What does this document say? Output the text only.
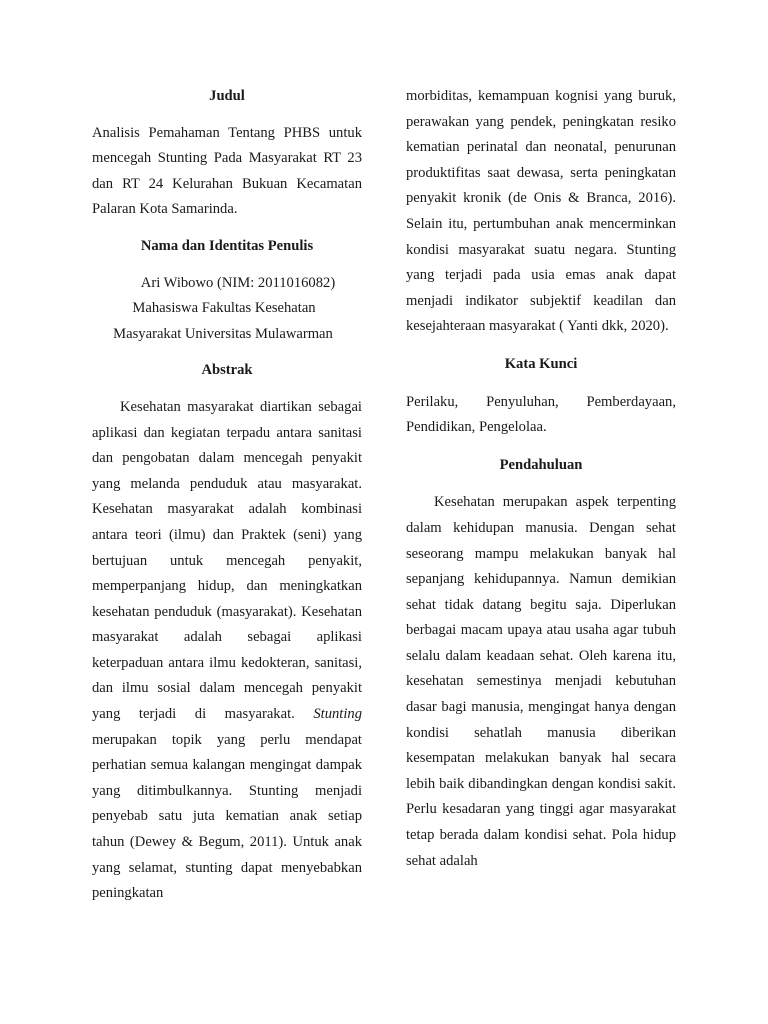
Judul

Analisis Pemahaman Tentang PHBS untuk mencegah Stunting Pada Masyarakat RT 23 dan RT 24 Kelurahan Bukuan Kecamatan Palaran Kota Samarinda.

Nama dan Identitas Penulis
Ari Wibowo (NIM: 2011016082)
Mahasiswa Fakultas Kesehatan
Masyarakat Universitas Mulawarman
Abstrak

Kesehatan masyarakat diartikan sebagai aplikasi dan kegiatan terpadu antara sanitasi dan pengobatan dalam mencegah penyakit yang melanda penduduk atau masyarakat. Kesehatan masyarakat adalah kombinasi antara teori (ilmu) dan Praktek (seni) yang bertujuan untuk mencegah penyakit, memperpanjang hidup, dan meningkatkan kesehatan penduduk (masyarakat). Kesehatan masyarakat adalah sebagai aplikasi keterpaduan antara ilmu kedokteran, sanitasi, dan ilmu sosial dalam mencegah penyakit yang terjadi di masyarakat. Stunting merupakan topik yang perlu mendapat perhatian semua kalangan mengingat dampak yang ditimbulkannya. Stunting menjadi penyebab satu juta kematian anak setiap tahun (Dewey & Begum, 2011). Untuk anak yang selamat, stunting dapat menyebabkan peningkatan

morbiditas, kemampuan kognisi yang buruk, perawakan yang pendek, peningkatan resiko kematian perinatal dan neonatal, penurunan produktifitas saat dewasa, serta peningkatan penyakit kronik (de Onis & Branca, 2016). Selain itu, pertumbuhan anak mencerminkan kondisi masyarakat suatu negara. Stunting yang terjadi pada usia emas anak dapat menjadi indikator subjektif keadilan dan kesejahteraan masyarakat ( Yanti dkk, 2020).

Kata Kunci

Perilaku, Penyuluhan, Pemberdayaan, Pendidikan, Pengelolaa.

Pendahuluan

Kesehatan merupakan aspek terpenting dalam kehidupan manusia. Dengan sehat seseorang mampu melakukan banyak hal sepanjang kehidupannya. Namun demikian sehat tidak datang begitu saja. Diperlukan berbagai macam upaya atau usaha agar tubuh selalu dalam keadaan sehat. Oleh karena itu, kesehatan semestinya menjadi kebutuhan dasar bagi manusia, mengingat hanya dengan kondisi sehatlah manusia diberikan kesempatan melakukan banyak hal secara lebih baik dibandingkan dengan kondisi sakit. Perlu kesadaran yang tinggi agar masyarakat tetap berada dalam kondisi sehat. Pola hidup sehat adalah
